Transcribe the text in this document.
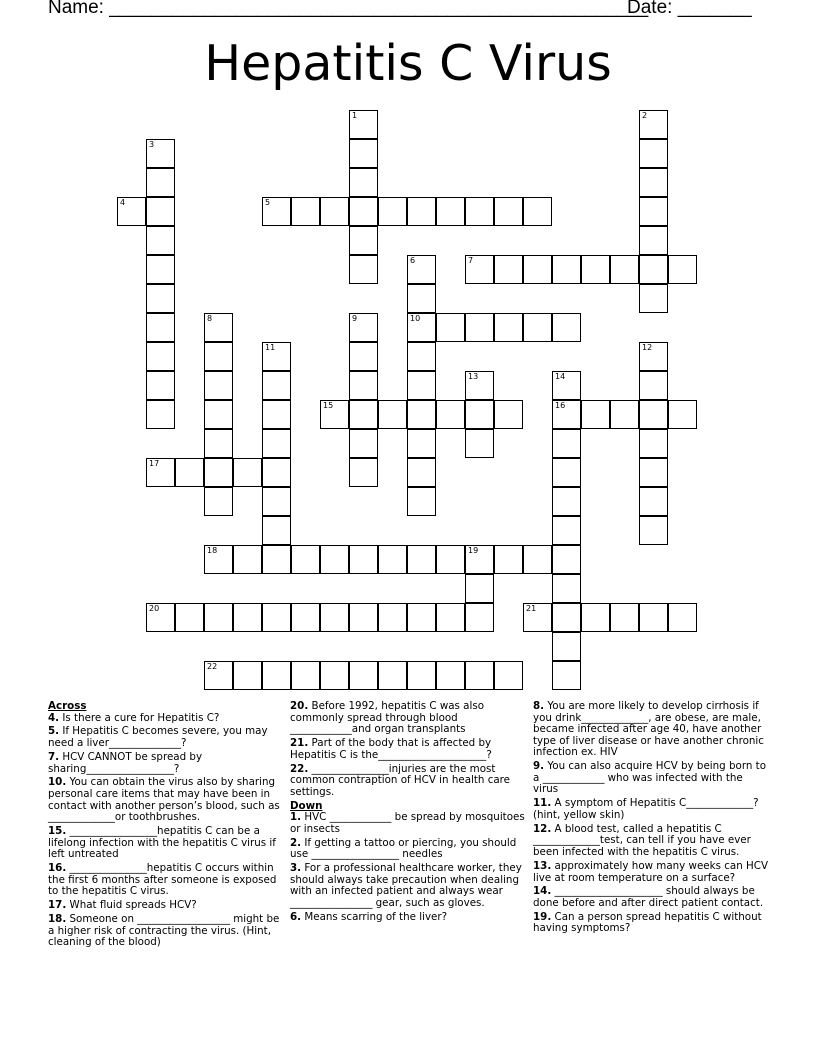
Name: ___________________________________________________
Date: _______
Hepatitis C Virus
1	2
3
4	5
6
10
7
8	9
11	12
13	14
16
15
17
18	19
20	21
22
Across
4. Is there a cure for Hepatitis C?
5. If Hepatitis C becomes severe, you may need a liver______________?
7. HCV CANNOT be spread by sharing_________________?
10. You can obtain the virus also by sharing personal care items that may have been in contact with another person’s blood, such as _____________or toothbrushes.
15. _________________hepatitis C can be a lifelong infection with the hepatitis C virus if left untreated
16. _______________hepatitis C occurs within the first 6 months after someone is exposed to the hepatitis C virus.
17. What fluid spreads HCV?
18. Someone on __________________ might be a higher risk of contracting the virus. (Hint, cleaning of the blood)
20. Before 1992, hepatitis C was also commonly spread through blood ____________and organ transplants
21. Part of the body that is affected by Hepatitis C is the_____________________?
22. _______________injuries are the most common contraption of HCV in health care settings.
Down
1. HVC ____________ be spread by mosquitoes or insects
2. If getting a tattoo or piercing, you should use _________________ needles
3. For a professional healthcare worker, they should always take precaution when dealing with an infected patient and always wear ________________ gear, such as gloves.
6. Means scarring of the liver?
8. You are more likely to develop cirrhosis if you drink_____________, are obese, are male, became infected after age 40, have another type of liver disease or have another chronic infection ex. HIV
9. You can also acquire HCV by being born to a ____________ who was infected with the virus
11. A symptom of Hepatitis C_____________? (hint, yellow skin)
12. A blood test, called a hepatitis C _____________test, can tell if you have ever been infected with the hepatitis C virus.
13. approximately how many weeks can HCV live at room temperature on a surface?
14. _____________________ should always be done before and after direct patient contact.
19. Can a person spread hepatitis C without having symptoms?
